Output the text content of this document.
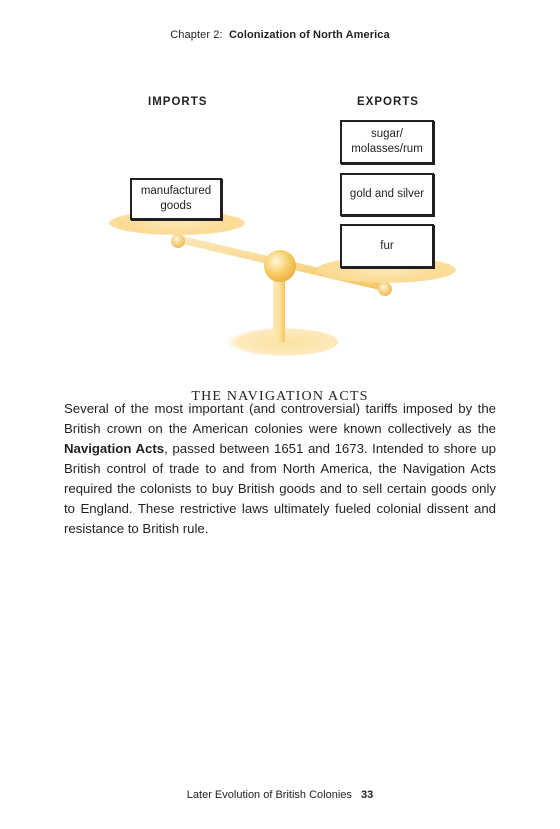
Chapter 2: Colonization of North America
IMPORTS	EXPORTS
manufactured goods
sugar/ molasses/rum
gold and silver
fur
THE NAVIGATION ACTS

Several of the most important (and controversial) tariffs imposed by the British crown on the American colonies were known collectively as the Navigation Acts, passed between 1651 and 1673. Intended to shore up British control of trade to and from North America, the Navigation Acts required the colonists to buy British goods and to sell certain goods only to England. These restrictive laws ultimately fueled colonial dissent and resistance to British rule.

Later Evolution of British Colonies 33
